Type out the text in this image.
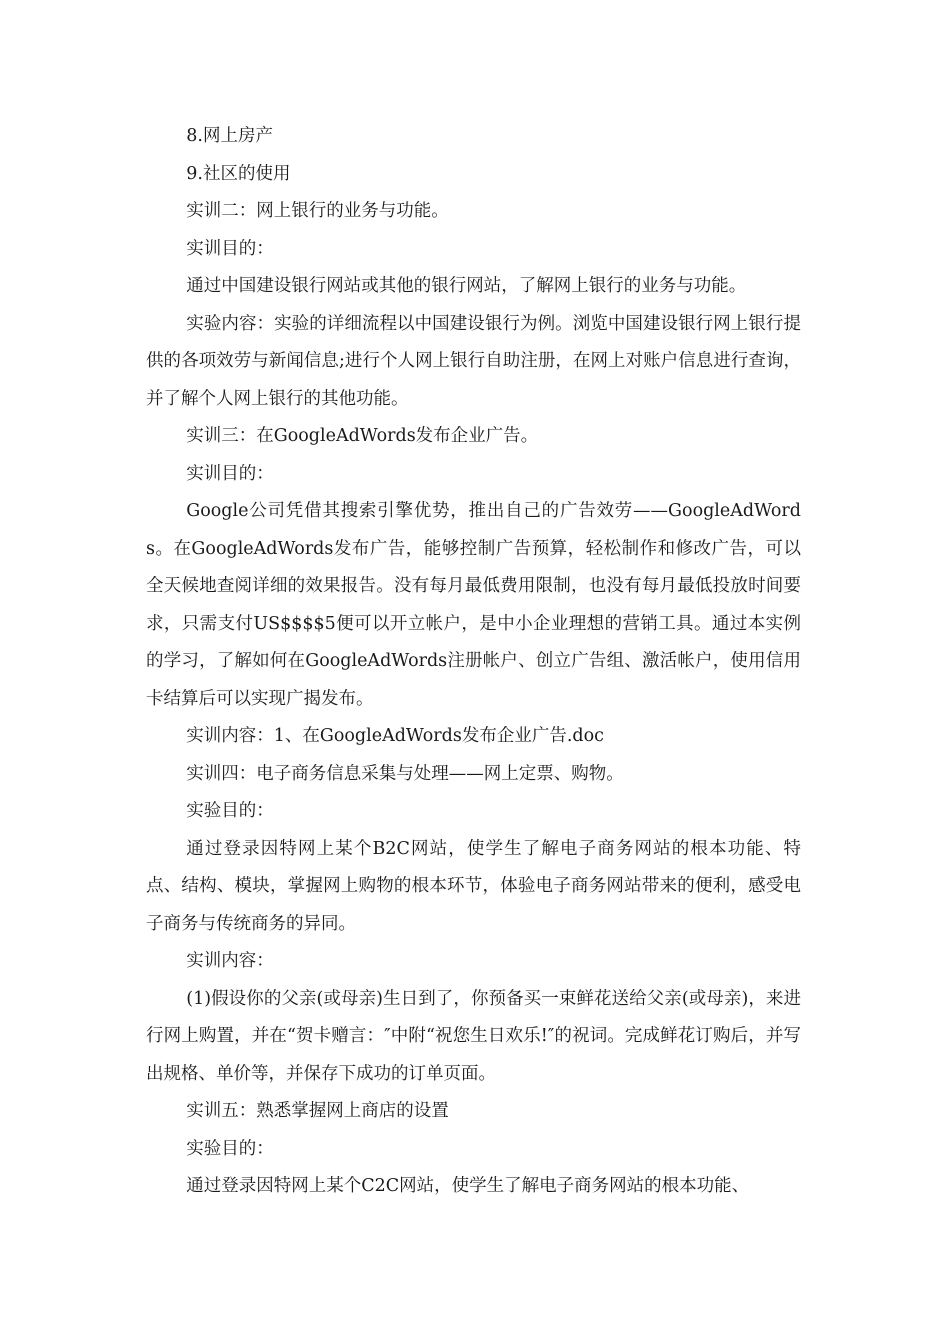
8.网上房产

9.社区的使用

实训二：网上银行的业务与功能。

实训目的：

通过中国建设银行网站或其他的银行网站，了解网上银行的业务与功能。

实验内容：实验的详细流程以中国建设银行为例。浏览中国建设银行网上银行提供的各项效劳与新闻信息;进行个人网上银行自助注册，在网上对账户信息进行查询，并了解个人网上银行的其他功能。

实训三：在GoogleAdWords发布企业广告。

实训目的：

Google公司凭借其搜索引擎优势，推出自己的广告效劳——GoogleAdWords。在GoogleAdWords发布广告，能够控制广告预算，轻松制作和修改广告，可以全天候地查阅详细的效果报告。没有每月最低费用限制，也没有每月最低投放时间要求，只需支付US$$$$5便可以开立帐户，是中小企业理想的营销工具。通过本实例的学习，了解如何在GoogleAdWords注册帐户、创立广告组、激活帐户，使用信用卡结算后可以实现广揭发布。

实训内容：1、在GoogleAdWords发布企业广告.doc

实训四：电子商务信息采集与处理——网上定票、购物。

实验目的：

通过登录因特网上某个B2C网站，使学生了解电子商务网站的根本功能、特点、结构、模块，掌握网上购物的根本环节，体验电子商务网站带来的便利，感受电子商务与传统商务的异同。

实训内容：

(1)假设你的父亲(或母亲)生日到了，你预备买一束鲜花送给父亲(或母亲)，来进行网上购置，并在“贺卡赠言：″中附“祝您生日欢乐!″的祝词。完成鲜花订购后，并写出规格、单价等，并保存下成功的订单页面。

实训五：熟悉掌握网上商店的设置

实验目的：

通过登录因特网上某个C2C网站，使学生了解电子商务网站的根本功能、
